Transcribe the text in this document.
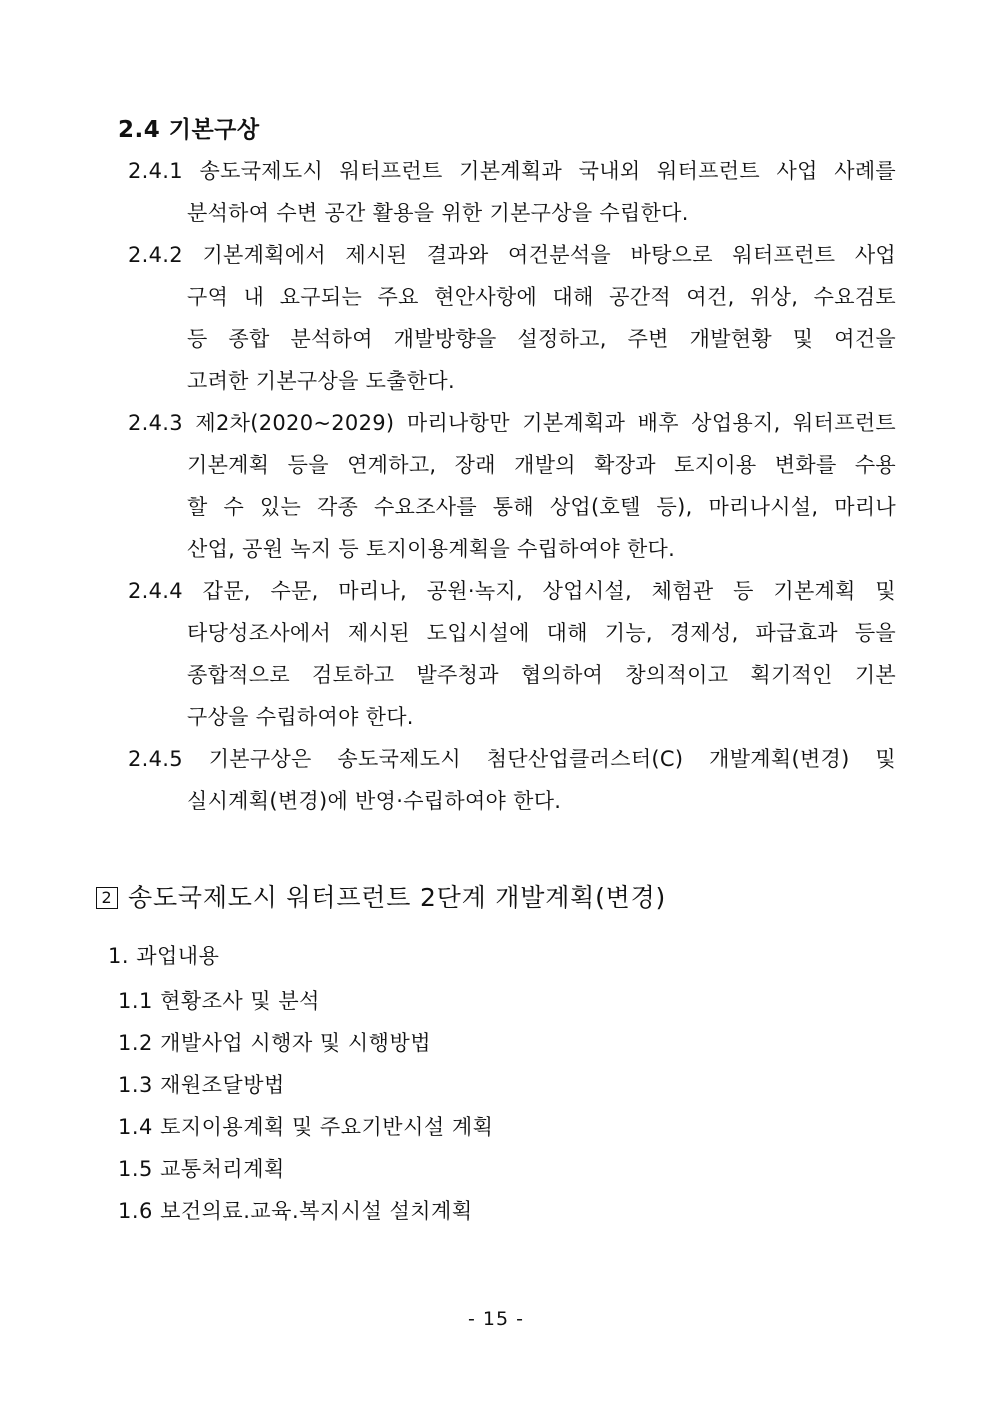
2.4 기본구상
2.4.1 송도국제도시 워터프런트 기본계획과 국내외 워터프런트 사업 사례를
분석하여 수변 공간 활용을 위한 기본구상을 수립한다.
2.4.2 기본계획에서 제시된 결과와 여건분석을 바탕으로 워터프런트 사업
구역 내 요구되는 주요 현안사항에 대해 공간적 여건, 위상, 수요검토
등 종합 분석하여 개발방향을 설정하고, 주변 개발현황 및 여건을
고려한 기본구상을 도출한다.
2.4.3 제2차(2020~2029) 마리나항만 기본계획과 배후 상업용지, 워터프런트
기본계획 등을 연계하고, 장래 개발의 확장과 토지이용 변화를 수용
할 수 있는 각종 수요조사를 통해 상업(호텔 등), 마리나시설, 마리나
산업, 공원 녹지 등 토지이용계획을 수립하여야 한다.
2.4.4 갑문, 수문, 마리나, 공원·녹지, 상업시설, 체험관 등 기본계획 및
타당성조사에서 제시된 도입시설에 대해 기능, 경제성, 파급효과 등을
종합적으로 검토하고 발주청과 협의하여 창의적이고 획기적인 기본
구상을 수립하여야 한다.
2.4.5 기본구상은 송도국제도시 첨단산업클러스터(C) 개발계획(변경) 및
실시계획(변경)에 반영·수립하여야 한다.
2 송도국제도시 워터프런트 2단계 개발계획(변경)
1. 과업내용
1.1 현황조사 및 분석
1.2 개발사업 시행자 및 시행방법
1.3 재원조달방법
1.4 토지이용계획 및 주요기반시설 계획
1.5 교통처리계획
1.6 보건의료.교육.복지시설 설치계획
- 15 -
